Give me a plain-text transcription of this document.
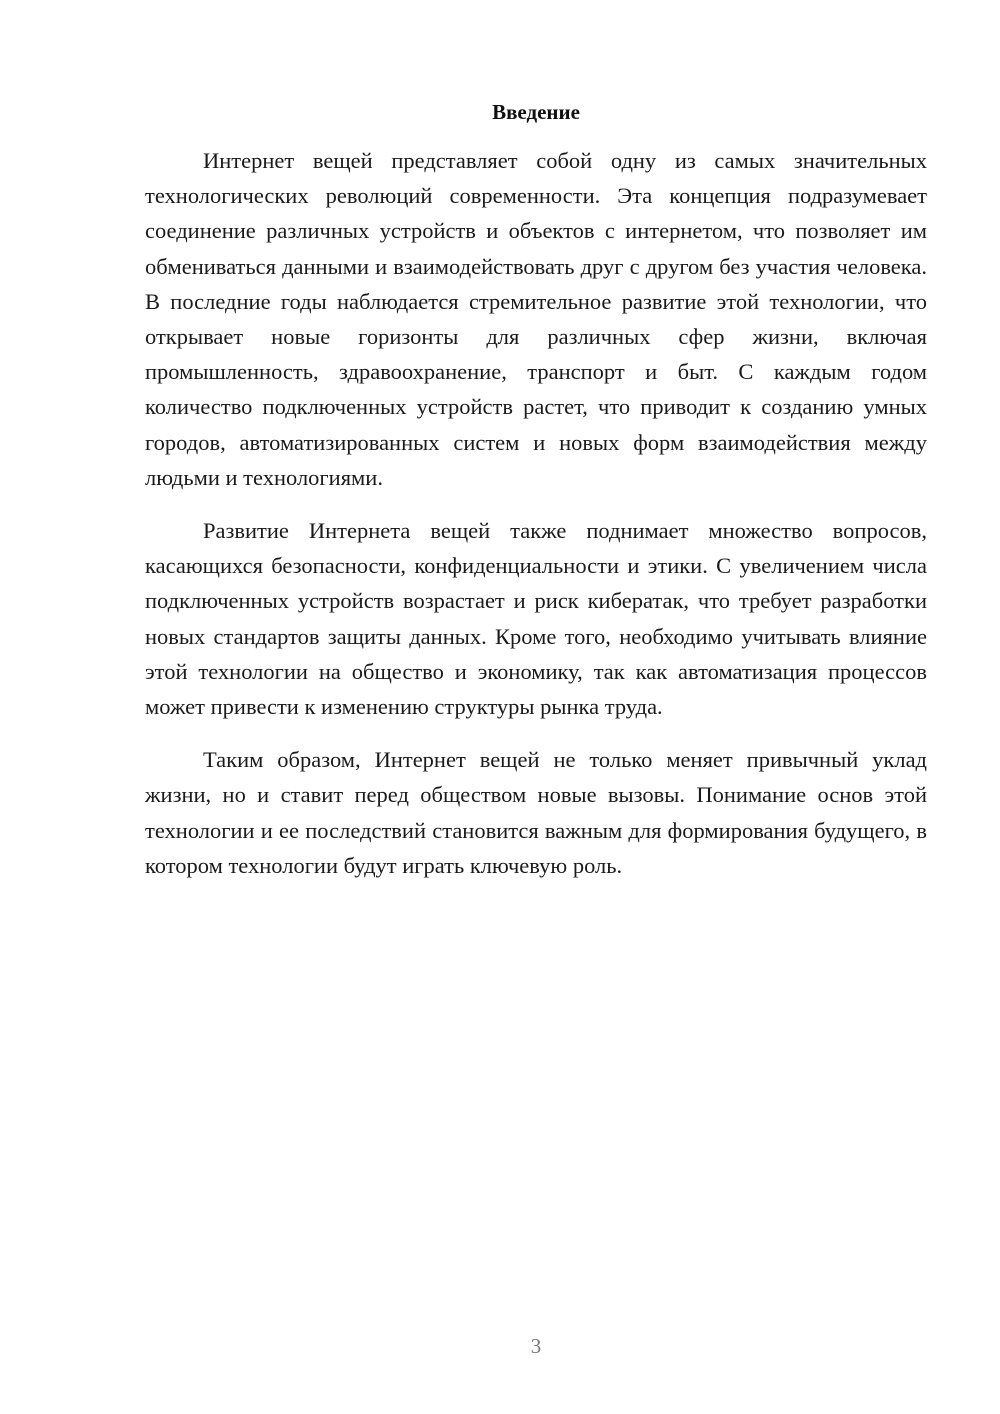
Введение

Интернет вещей представляет собой одну из самых значительных технологических революций современности. Эта концепция подразумевает соединение различных устройств и объектов с интернетом, что позволяет им обмениваться данными и взаимодействовать друг с другом без участия человека. В последние годы наблюдается стремительное развитие этой технологии, что открывает новые горизонты для различных сфер жизни, включая промышленность, здравоохранение, транспорт и быт. С каждым годом количество подключенных устройств растет, что приводит к созданию умных городов, автоматизированных систем и новых форм взаимодействия между людьми и технологиями.

Развитие Интернета вещей также поднимает множество вопросов, касающихся безопасности, конфиденциальности и этики. С увеличением числа подключенных устройств возрастает и риск кибератак, что требует разработки новых стандартов защиты данных. Кроме того, необходимо учитывать влияние этой технологии на общество и экономику, так как автоматизация процессов может привести к изменению структуры рынка труда.

Таким образом, Интернет вещей не только меняет привычный уклад жизни, но и ставит перед обществом новые вызовы. Понимание основ этой технологии и ее последствий становится важным для формирования будущего, в котором технологии будут играть ключевую роль.

3
